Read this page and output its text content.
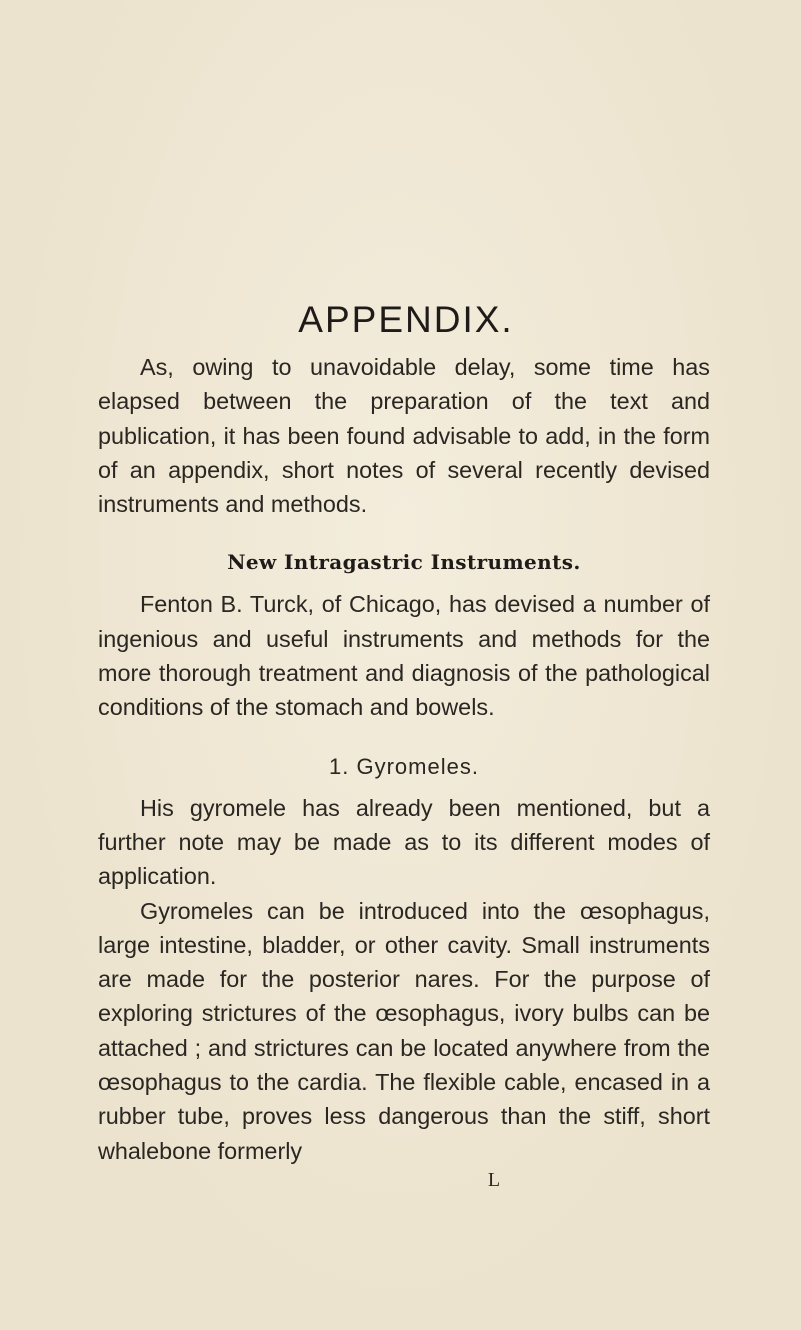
APPENDIX.

As, owing to unavoidable delay, some time has elapsed between the preparation of the text and publication, it has been found advisable to add, in the form of an appendix, short notes of several recently devised instruments and methods.

New Intragastric Instruments.

Fenton B. Turck, of Chicago, has devised a number of ingenious and useful instruments and methods for the more thorough treatment and diagnosis of the pathological conditions of the stomach and bowels.

1. Gyromeles.

His gyromele has already been mentioned, but a further note may be made as to its different modes of application.

Gyromeles can be introduced into the œsophagus, large intestine, bladder, or other cavity. Small instruments are made for the posterior nares. For the purpose of exploring strictures of the œsophagus, ivory bulbs can be attached ; and strictures can be located anywhere from the œsophagus to the cardia. The flexible cable, encased in a rubber tube, proves less dangerous than the stiff, short whalebone formerly

L
